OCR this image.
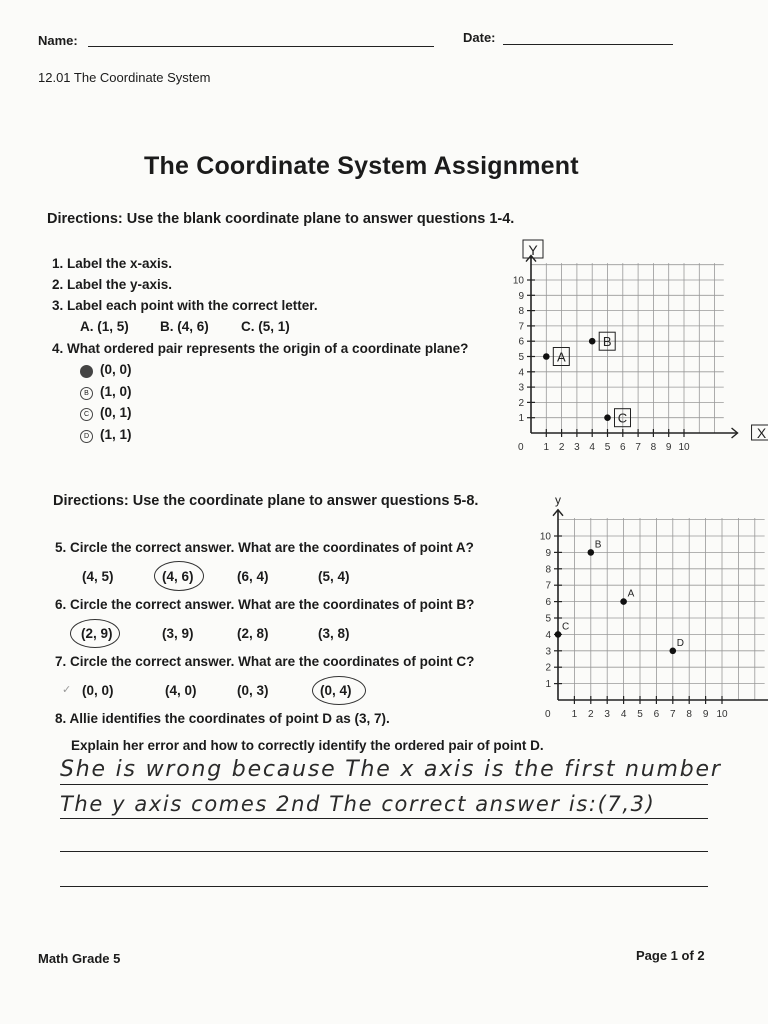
Name:	Date:
12.01 The Coordinate System
The Coordinate System Assignment
Directions: Use the blank coordinate plane to answer questions 1-4.
1. Label the x-axis.
2. Label the y-axis.
3. Label each point with the correct letter.
A. (1, 5) B. (4, 6) C. (5, 1)
4. What ordered pair represents the origin of a coordinate plane?
A (0, 0)
B (1, 0)
C (0, 1)
D (1, 1)
1 2 3 4 5 6 7 8 9 10
1
2
3
4
5
6
7
8
9
10
0
Y
X
A
B
C
Directions: Use the coordinate plane to answer questions 5-8.
5. Circle the correct answer. What are the coordinates of point A?
(4, 5)	(4, 6)	(6, 4)	(5, 4)
6. Circle the correct answer. What are the coordinates of point B?
(2, 9)	(3, 9)	(2, 8)	(3, 8)
7. Circle the correct answer. What are the coordinates of point C?
✓ (0, 0)	(4, 0)	(0, 3)	(0, 4)
8. Allie identifies the coordinates of point D as (3, 7).
Explain her error and how to correctly identify the ordered pair of point D.
She is wrong because The x axis is the first number
The y axis comes 2nd The correct answer is:(7,3)
1 2 3 4 5 6 7 8 9 10
1
2
3
4
5
6
7
8
9
10
0
y
A
B
C
D
Math Grade 5	Page 1 of 2
